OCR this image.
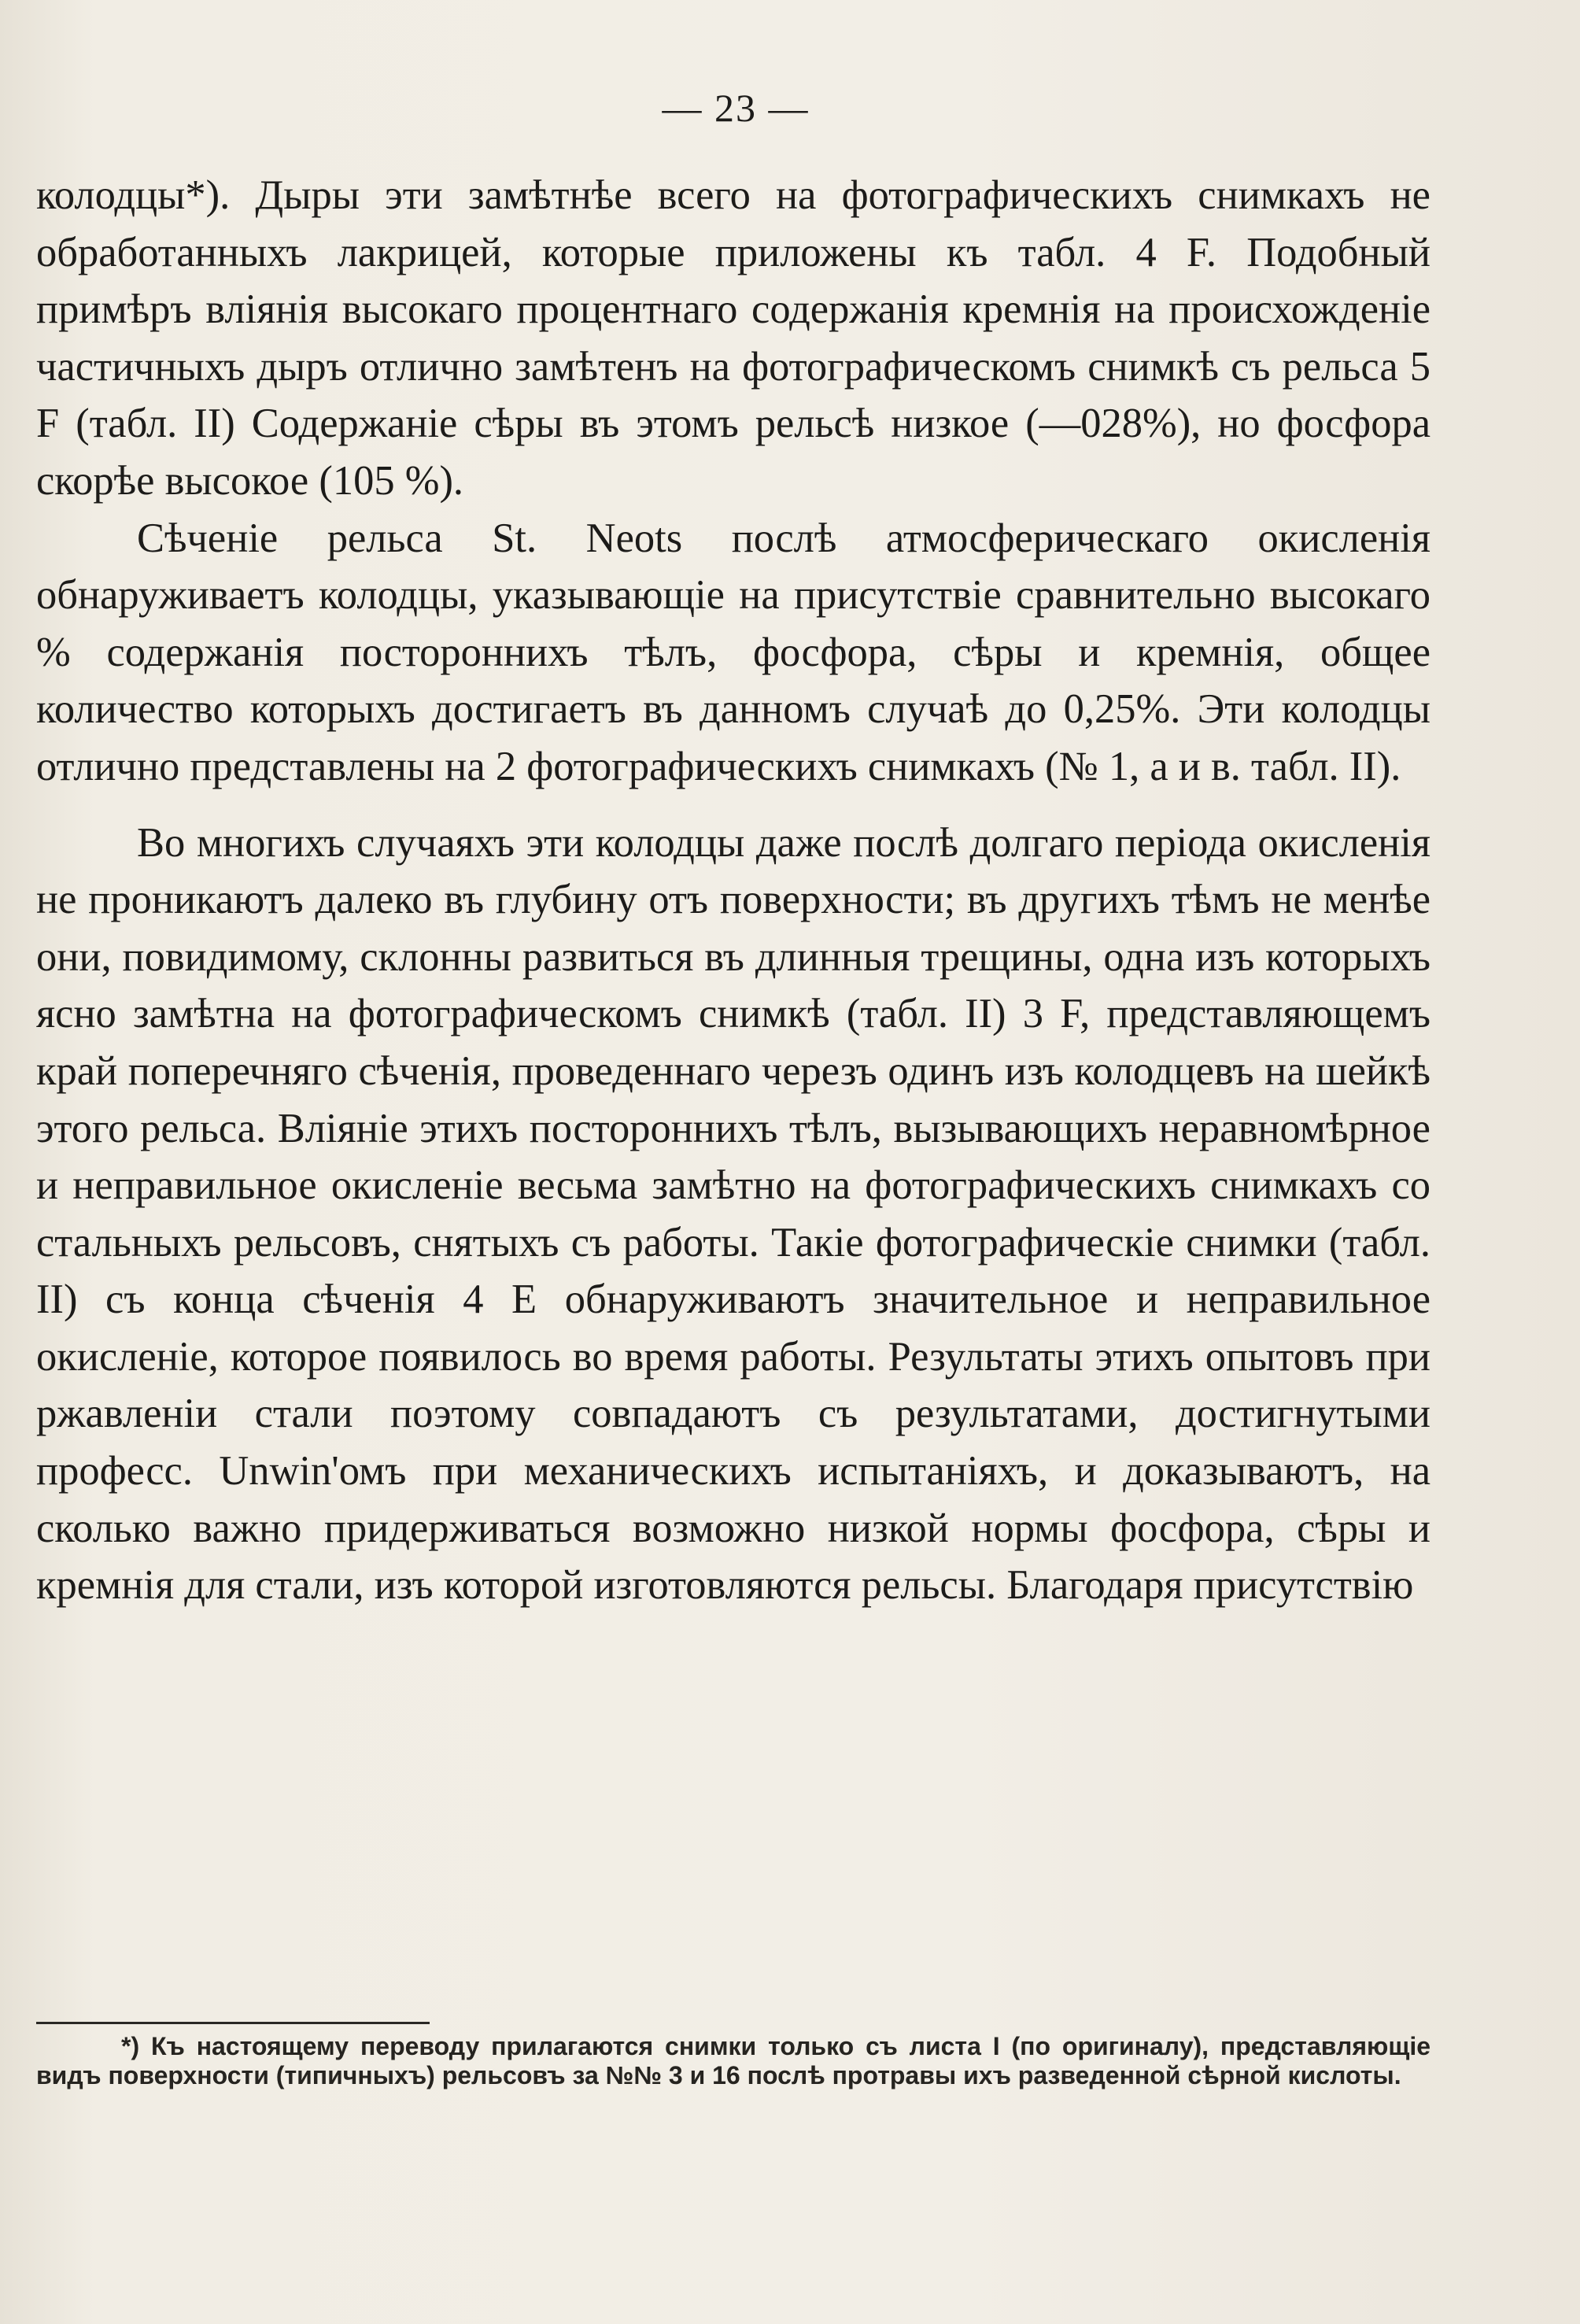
— 23 —

колодцы*). Дыры эти замѣтнѣе всего на фотографическихъ снимкахъ не обработанныхъ лакрицей, которые приложены къ табл. 4 F. Подобный примѣръ вліянія высокаго процентнаго содержанія кремнія на происхожденіе частичныхъ дыръ отлично замѣтенъ на фотографическомъ снимкѣ съ рельса 5 F (табл. II) Содержаніе сѣры въ этомъ рельсѣ низкое (—028%), но фосфора скорѣе высокое (105 %).

Сѣченіе рельса St. Neots послѣ атмосферическаго окисленія обнаруживаетъ колодцы, указывающіе на присутствіе сравнительно высокаго % содержанія постороннихъ тѣлъ, фосфора, сѣры и кремнія, общее количество которыхъ достигаетъ въ данномъ случаѣ до 0,25%. Эти колодцы отлично представлены на 2 фотографическихъ снимкахъ (№ 1, а и в. табл. II).

Во многихъ случаяхъ эти колодцы даже послѣ долгаго періода окисленія не проникаютъ далеко въ глубину отъ поверхности; въ другихъ тѣмъ не менѣе они, повидимому, склонны развиться въ длинныя трещины, одна изъ которыхъ ясно замѣтна на фотографическомъ снимкѣ (табл. II) 3 F, представляющемъ край поперечняго сѣченія, проведеннаго черезъ одинъ изъ колодцевъ на шейкѣ этого рельса. Вліяніе этихъ постороннихъ тѣлъ, вызывающихъ неравномѣрное и неправильное окисленіе весьма замѣтно на фотографическихъ снимкахъ со стальныхъ рельсовъ, снятыхъ съ работы. Такіе фотографическіе снимки (табл. II) съ конца сѣченія 4 E обнаруживаютъ значительное и неправильное окисленіе, которое появилось во время работы. Результаты этихъ опытовъ при ржавленіи стали поэтому совпадаютъ съ результатами, достигнутыми професс. Unwin'омъ при механическихъ испытаніяхъ, и доказываютъ, на сколько важно придерживаться возможно низкой нормы фосфора, сѣры и кремнія для стали, изъ которой изготовляются рельсы. Благодаря присутствію

*) Къ настоящему переводу прилагаются снимки только съ листа I (по оригиналу), представляющіе видъ поверхности (типичныхъ) рельсовъ за №№ 3 и 16 послѣ протравы ихъ разведенной сѣрной кислоты.
